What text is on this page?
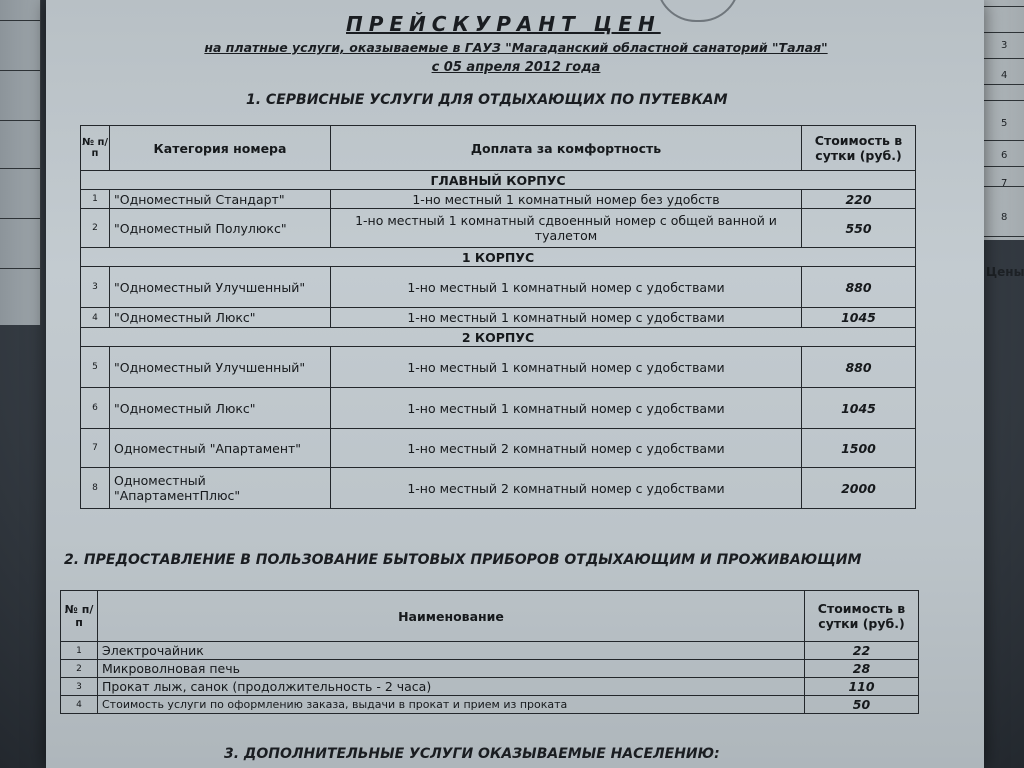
3
4
5
6
7
8
Цены
ПРЕЙСКУРАНТ ЦЕН
на платные услуги, оказываемые в ГАУЗ "Магаданский областной санаторий "Талая"
с 05 апреля 2012 года
1. СЕРВИСНЫЕ УСЛУГИ ДЛЯ ОТДЫХАЮЩИХ ПО ПУТЕВКАМ
№ п/п	Категория номера	Доплата за комфортность	Стоимость в сутки (руб.)
ГЛАВНЫЙ КОРПУС
1	"Одноместный Стандарт"	1-но местный 1 комнатный номер без удобств	220
2	"Одноместный Полулюкс"	1-но местный 1 комнатный сдвоенный номер с общей ванной и туалетом	550
1 КОРПУС
3	"Одноместный Улучшенный"	1-но местный 1 комнатный номер с удобствами	880
4	"Одноместный Люкс"	1-но местный 1 комнатный номер с удобствами	1045
2 КОРПУС
5	"Одноместный Улучшенный"	1-но местный 1 комнатный номер с удобствами	880
6	"Одноместный Люкс"	1-но местный 1 комнатный номер с удобствами	1045
7	Одноместный "Апартамент"	1-но местный 2 комнатный номер с удобствами	1500
8	Одноместный "АпартаментПлюс"	1-но местный 2 комнатный номер с удобствами	2000
2. ПРЕДОСТАВЛЕНИЕ В ПОЛЬЗОВАНИЕ БЫТОВЫХ ПРИБОРОВ ОТДЫХАЮЩИМ И ПРОЖИВАЮЩИМ
№ п/п	Наименование	Стоимость в сутки (руб.)
1	Электрочайник	22
2	Микроволновая печь	28
3	Прокат лыж, санок (продолжительность - 2 часа)	110
4	Стоимость услуги по оформлению заказа, выдачи в прокат и прием из проката	50
3. ДОПОЛНИТЕЛЬНЫЕ УСЛУГИ ОКАЗЫВАЕМЫЕ НАСЕЛЕНИЮ:
